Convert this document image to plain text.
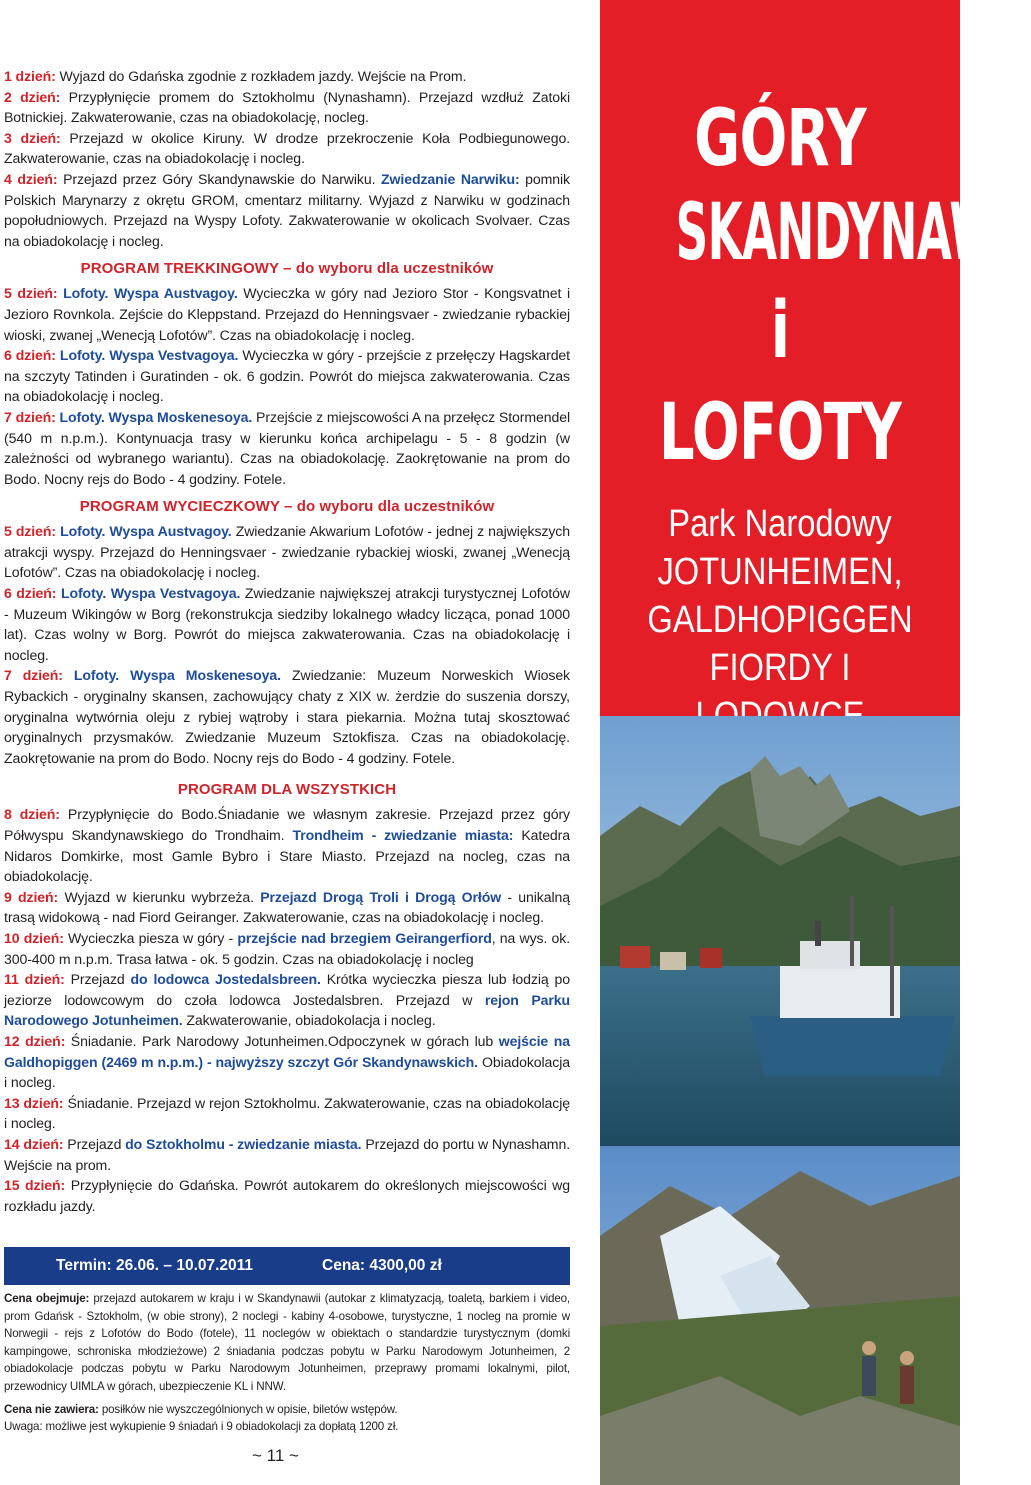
1 dzień: Wyjazd do Gdańska zgodnie z rozkładem jazdy. Wejście na Prom.

2 dzień: Przypłynięcie promem do Sztokholmu (Nynashamn). Przejazd wzdłuż Zatoki Botnickiej. Zakwaterowanie, czas na obiadokolację, nocleg.

3 dzień: Przejazd w okolice Kiruny. W drodze przekroczenie Koła Podbiegunowego. Zakwaterowanie, czas na obiadokolację i nocleg.

4 dzień: Przejazd przez Góry Skandynawskie do Narwiku. Zwiedzanie Narwiku: pomnik Polskich Marynarzy z okrętu GROM, cmentarz militarny. Wyjazd z Narwiku w godzinach popołudniowych. Przejazd na Wyspy Lofoty. Zakwaterowanie w okolicach Svolvaer. Czas na obiadokolację i nocleg.

PROGRAM TREKKINGOWY – do wyboru dla uczestników

5 dzień: Lofoty. Wyspa Austvagoy. Wycieczka w góry nad Jezioro Stor - Kongsvatnet i Jezioro Rovnkola. Zejście do Kleppstand. Przejazd do Henningsvaer - zwiedzanie rybackiej wioski, zwanej „Wenecją Lofotów”. Czas na obiadokolację i nocleg.

6 dzień: Lofoty. Wyspa Vestvagoya. Wycieczka w góry - przejście z przełęczy Hagskardet na szczyty Tatinden i Guratinden - ok. 6 godzin. Powrót do miejsca zakwaterowania. Czas na obiadokolację i nocleg.

7 dzień: Lofoty. Wyspa Moskenesoya. Przejście z miejscowości A na przełęcz Stormendel (540 m n.p.m.). Kontynuacja trasy w kierunku końca archipelagu - 5 - 8 godzin (w zależności od wybranego wariantu). Czas na obiadokolację. Zaokrętowanie na prom do Bodo. Nocny rejs do Bodo - 4 godziny. Fotele.

PROGRAM WYCIECZKOWY – do wyboru dla uczestników

5 dzień: Lofoty. Wyspa Austvagoy. Zwiedzanie Akwarium Lofotów - jednej z największych atrakcji wyspy. Przejazd do Henningsvaer - zwiedzanie rybackiej wioski, zwanej „Wenecją Lofotów”. Czas na obiadokolację i nocleg.

6 dzień: Lofoty. Wyspa Vestvagoya. Zwiedzanie największej atrakcji turystycznej Lofotów - Muzeum Wikingów w Borg (rekonstrukcja siedziby lokalnego władcy licząca, ponad 1000 lat). Czas wolny w Borg. Powrót do miejsca zakwaterowania. Czas na obiadokolację i nocleg.

7 dzień: Lofoty. Wyspa Moskenesoya. Zwiedzanie: Muzeum Norweskich Wiosek Rybackich - oryginalny skansen, zachowujący chaty z XIX w. żerdzie do suszenia dorszy, oryginalna wytwórnia oleju z rybiej wątroby i stara piekarnia. Można tutaj skosztować oryginalnych przysmaków. Zwiedzanie Muzeum Sztokfisza. Czas na obiadokolację. Zaokrętowanie na prom do Bodo. Nocny rejs do Bodo - 4 godziny. Fotele.

PROGRAM DLA WSZYSTKICH

8 dzień: Przypłynięcie do Bodo.Śniadanie we własnym zakresie. Przejazd przez góry Półwyspu Skandynawskiego do Trondhaim. Trondheim - zwiedzanie miasta: Katedra Nidaros Domkirke, most Gamle Bybro i Stare Miasto. Przejazd na nocleg, czas na obiadokolację.

9 dzień: Wyjazd w kierunku wybrzeża. Przejazd Drogą Troli i Drogą Orłów - unikalną trasą widokową - nad Fiord Geiranger. Zakwaterowanie, czas na obiadokolację i nocleg.

10 dzień: Wycieczka piesza w góry - przejście nad brzegiem Geirangerfiord, na wys. ok. 300-400 m n.p.m. Trasa łatwa - ok. 5 godzin. Czas na obiadokolację i nocleg

11 dzień: Przejazd do lodowca Jostedalsbreen. Krótka wycieczka piesza lub łodzią po jeziorze lodowcowym do czoła lodowca Jostedalsbren. Przejazd w rejon Parku Narodowego Jotunheimen. Zakwaterowanie, obiadokolacja i nocleg.

12 dzień: Śniadanie. Park Narodowy Jotunheimen.Odpoczynek w górach lub wejście na Galdhopiggen (2469 m n.p.m.) - najwyższy szczyt Gór Skandynawskich. Obiadokolacja i nocleg.

13 dzień: Śniadanie. Przejazd w rejon Sztokholmu. Zakwaterowanie, czas na obiadokolację i nocleg.

14 dzień: Przejazd do Sztokholmu - zwiedzanie miasta. Przejazd do portu w Nynashamn. Wejście na prom.

15 dzień: Przypłynięcie do Gdańska. Powrót autokarem do określonych miejscowości wg rozkładu jazdy.

Termin: 26.06. – 10.07.2011	Cena: 4300,00 zł

Cena obejmuje: przejazd autokarem w kraju i w Skandynawii (autokar z klimatyzacją, toaletą, barkiem i video, prom Gdańsk - Sztokholm, (w obie strony), 2 noclegi - kabiny 4-osobowe, turystyczne, 1 nocleg na promie w Norwegii - rejs z Lofotów do Bodo (fotele), 11 noclegów w obiektach o standardzie turystycznym (domki kampingowe, schroniska młodzieżowe) 2 śniadania podczas pobytu w Parku Narodowym Jotunheimen, 2 obiadokolacje podczas pobytu w Parku Narodowym Jotunheimen, przeprawy promami lokalnymi, pilot, przewodnicy UIMLA w górach, ubezpieczenie KL i NNW.

Cena nie zawiera: posiłków nie wyszczególnionych w opisie, biletów wstępów.

Uwaga: możliwe jest wykupienie 9 śniadań i 9 obiadokolacji za dopłatą 1200 zł.

~ 11 ~
GÓRY
SKANDYNAWII
i LOFOTY
Park Narodowy
JOTUNHEIMEN,
GALDHOPIGGEN
FIORDY I
